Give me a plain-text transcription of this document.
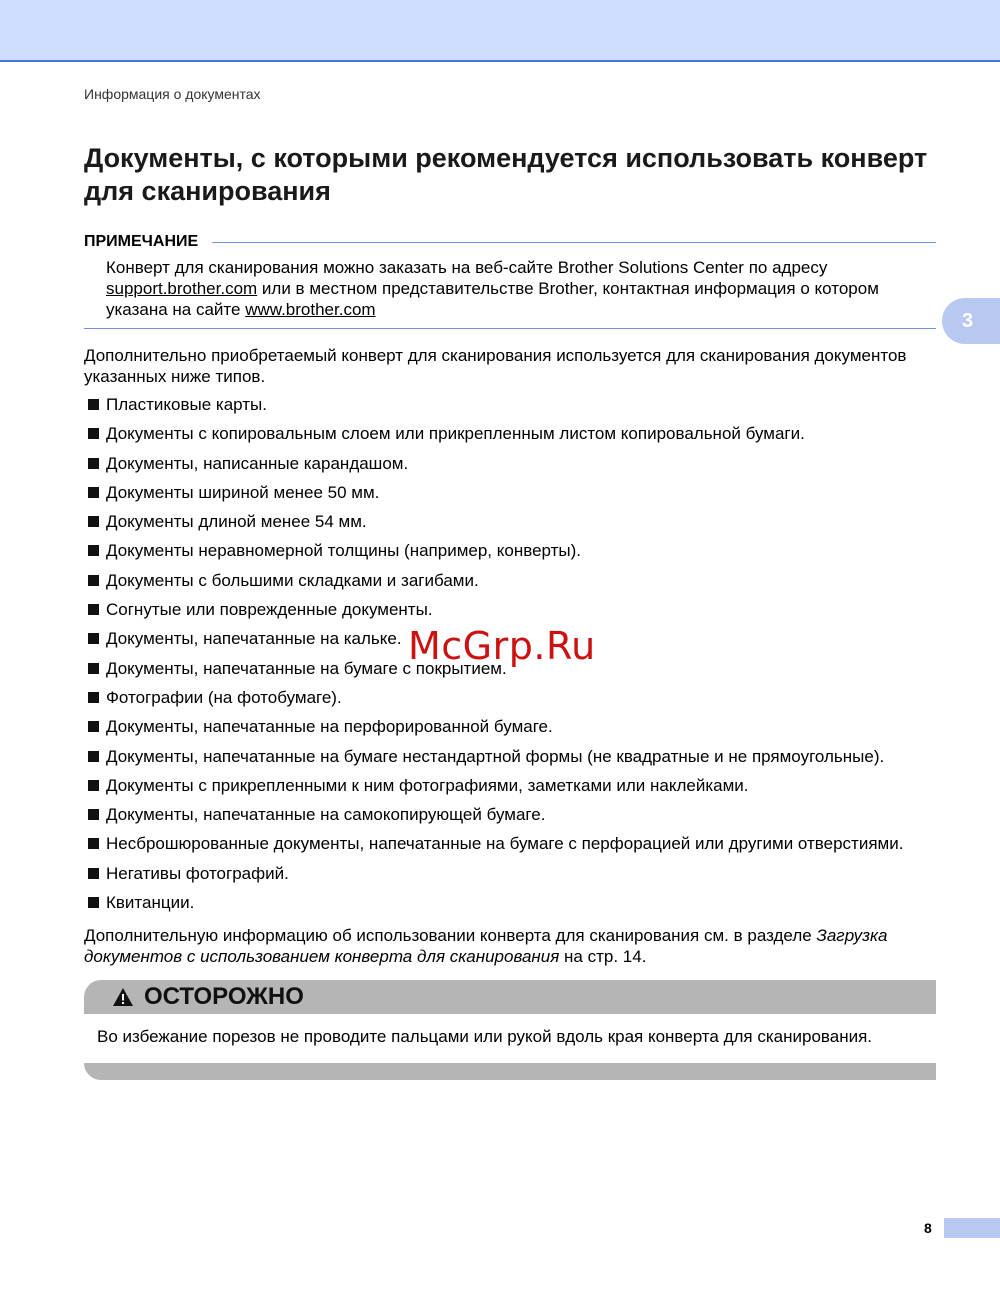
Информация о документах
Документы, с которыми рекомендуется использовать конверт для сканирования
3
ПРИМЕЧАНИЕ
Конверт для сканирования можно заказать на веб-сайте Brother Solutions Center по адресу support.brother.com или в местном представительстве Brother, контактная информация о котором указана на сайте www.brother.com
Дополнительно приобретаемый конверт для сканирования используется для сканирования документов указанных ниже типов.
Пластиковые карты.
Документы с копировальным слоем или прикрепленным листом копировальной бумаги.
Документы, написанные карандашом.
Документы шириной менее 50 мм.
Документы длиной менее 54 мм.
Документы неравномерной толщины (например, конверты).
Документы с большими складками и загибами.
Согнутые или поврежденные документы.
Документы, напечатанные на кальке.
Документы, напечатанные на бумаге с покрытием.
Фотографии (на фотобумаге).
Документы, напечатанные на перфорированной бумаге.
Документы, напечатанные на бумаге нестандартной формы (не квадратные и не прямоугольные).
Документы с прикрепленными к ним фотографиями, заметками или наклейками.
Документы, напечатанные на самокопирующей бумаге.
Несброшюрованные документы, напечатанные на бумаге с перфорацией или другими отверстиями.
Негативы фотографий.
Квитанции.
Дополнительную информацию об использовании конверта для сканирования см. в разделе Загрузка документов с использованием конверта для сканирования на стр. 14.
ОСТОРОЖНО
Во избежание порезов не проводите пальцами или рукой вдоль края конверта для сканирования.
McGrp.Ru
8
